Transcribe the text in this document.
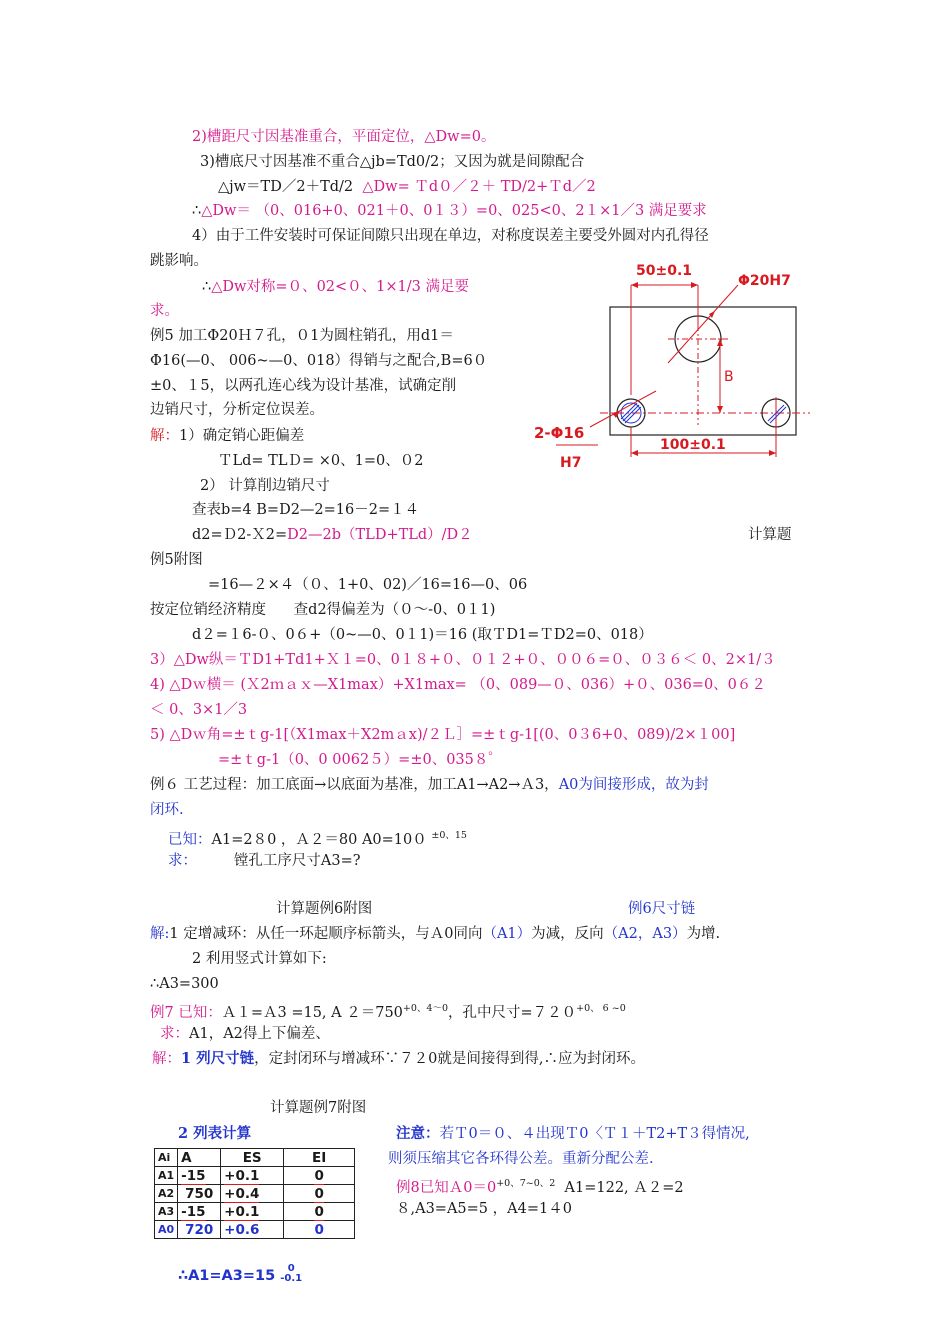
2)槽距尺寸因基准重合，平面定位，△Dw=0。
3)槽底尺寸因基准不重合△jb=Td0/2；又因为就是间隙配合
△jw＝TD／2＋Td/2 △Dw= Ｔd０／２＋ TD/2+Ｔd／2
∴△Dw＝ （0、016+0、021＋0、0１３）=0、025<0、2１×1／3 满足要求
4）由于工件安装时可保证间隙只出现在单边，对称度误差主要受外圆对内孔得径
跳影响。
∴△Dw对称=０、02<０、1×1/3 满足要
求。
例5 加工Φ20Ｈ７孔，０1为圆柱销孔，用d1＝
Φ16(—0、 006~—0、018）得销与之配合,B=6０
±0、１5，以两孔连心线为设计基准，试确定削
边销尺寸，分析定位误差。
解：1）确定销心距偏差
ＴLd= TLＤ= ×0、1=0、０2
2） 计算削边销尺寸
查表b=4 B=D2—2=16－2=１４
d2=Ｄ2-Ｘ2=D2—2b（TLD+TLd）/D２	计算题
例5附图
=16—２×４（０、1+0、02)／16=16—0、06
按定位销经济精度 查d2得偏差为（０～-0、0１1)
d２=１6-０、0６+（0~—0、0１1)＝16 (取ＴD1=ＴD2=0、018）
3）△Dw纵＝ＴD1+Td1+Ｘ１=0、0１８+０、０１２+０、００６=０、０３６＜ 0、2×1/３
4) △Dｗ横＝ (Ｘ2ｍａｘ—X1max）+X1max= （0、089—０、036）+０、036=0、0６２
＜ 0、3×1／3
5) △Dｗ角=±ｔg-1[（X1max＋X2mａx)/２Ｌ］=±ｔg-1[(0、0３6+0、089)/2×１00]
=±ｔg-1（0、0 0062５）=±0、035８゜
例６ 工艺过程：加工底面→以底面为基准，加工A1→A2→Ａ3，A0为间接形成，故为封
闭环.
已知：A1=2８0 ，Ａ２＝80 A0=10０ $^{\pm 0、15}$
求：	镗孔工序尺寸A3=?
计算题例6附图	例6尺寸链
解:1 定增减环：从任一环起顺序标箭头，与Ａ0同向（A1）为减，反向（A2，A3）为增.
2 利用竖式计算如下:
∴A3=300
例7 已知：Ａ１=Ａ3 =15, A $2=750^{+0、4\sim 0}$，孔中尺寸$=720^{+0、 6 \sim 0}$
求：A1，A2得上下偏差、
解：1 列尺寸链，定封闭环与增减环∵７２0就是间接得到得,∴应为封闭环。
计算题例7附图
2 列表计算	注意：若Ｔ0＝０、４出现Ｔ0〈Ｔ１＋T2+T３得情况,
则须压缩其它各环得公差。重新分配公差.
例8已知$A0=0^{+0、7\sim 0、2}$ A1=122, Ａ２=2
８,A3=A5=5 ，A4=1４0
∴A1=A3=15	0
-0.1
Ai	A	ES	EI
A1	-15	+0.1	0
A2	750	+0.4	0
A3	-15	+0.1	0
A0	720	+0.6	0
50±0.1
Φ20H7
B
2-Φ16
H7
100±0.1
